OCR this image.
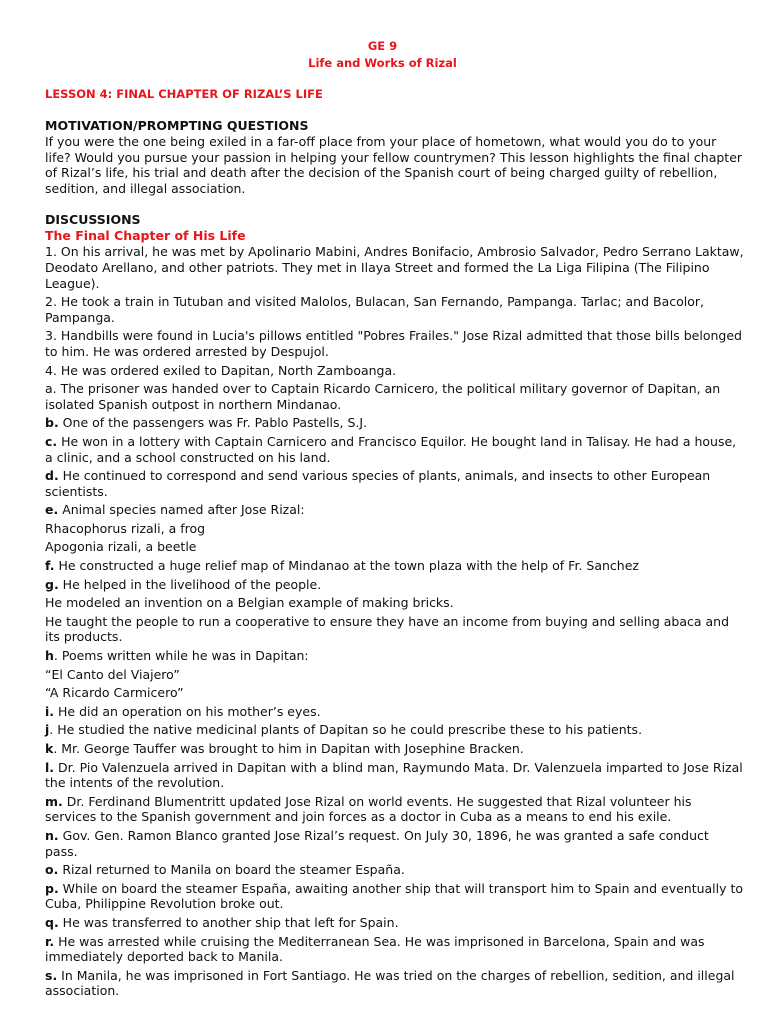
GE 9
Life and Works of Rizal
LESSON 4: FINAL CHAPTER OF RIZAL’S LIFE
MOTIVATION/PROMPTING QUESTIONS

If you were the one being exiled in a far-off place from your place of hometown, what would you do to your life? Would you pursue your passion in helping your fellow countrymen? This lesson highlights the final chapter of Rizal’s life, his trial and death after the decision of the Spanish court of being charged guilty of rebellion, sedition, and illegal association.

DISCUSSIONS
The Final Chapter of His Life

1. On his arrival, he was met by Apolinario Mabini, Andres Bonifacio, Ambrosio Salvador, Pedro Serrano Laktaw, Deodato Arellano, and other patriots. They met in Ilaya Street and formed the La Liga Filipina (The Filipino League).

2. He took a train in Tutuban and visited Malolos, Bulacan, San Fernando, Pampanga. Tarlac; and Bacolor, Pampanga.

3. Handbills were found in Lucia's pillows entitled "Pobres Frailes." Jose Rizal admitted that those bills belonged to him. He was ordered arrested by Despujol.

4. He was ordered exiled to Dapitan, North Zamboanga.

a. The prisoner was handed over to Captain Ricardo Carnicero, the political military governor of Dapitan, an isolated Spanish outpost in northern Mindanao.

b. One of the passengers was Fr. Pablo Pastells, S.J.

c. He won in a lottery with Captain Carnicero and Francisco Equilor. He bought land in Talisay. He had a house, a clinic, and a school constructed on his land.

d. He continued to correspond and send various species of plants, animals, and insects to other European scientists.

e. Animal species named after Jose Rizal:

Rhacophorus rizali, a frog

Apogonia rizali, a beetle

f. He constructed a huge relief map of Mindanao at the town plaza with the help of Fr. Sanchez

g. He helped in the livelihood of the people.

He modeled an invention on a Belgian example of making bricks.

He taught the people to run a cooperative to ensure they have an income from buying and selling abaca and its products.

h. Poems written while he was in Dapitan:

“El Canto del Viajero”

“A Ricardo Carmicero”

i. He did an operation on his mother’s eyes.

j. He studied the native medicinal plants of Dapitan so he could prescribe these to his patients.

k. Mr. George Tauffer was brought to him in Dapitan with Josephine Bracken.

l. Dr. Pio Valenzuela arrived in Dapitan with a blind man, Raymundo Mata. Dr. Valenzuela imparted to Jose Rizal the intents of the revolution.

m. Dr. Ferdinand Blumentritt updated Jose Rizal on world events. He suggested that Rizal volunteer his services to the Spanish government and join forces as a doctor in Cuba as a means to end his exile.

n. Gov. Gen. Ramon Blanco granted Jose Rizal’s request. On July 30, 1896, he was granted a safe conduct pass.

o. Rizal returned to Manila on board the steamer España.

p. While on board the steamer España, awaiting another ship that will transport him to Spain and eventually to Cuba, Philippine Revolution broke out.

q. He was transferred to another ship that left for Spain.

r. He was arrested while cruising the Mediterranean Sea. He was imprisoned in Barcelona, Spain and was immediately deported back to Manila.

s. In Manila, he was imprisoned in Fort Santiago. He was tried on the charges of rebellion, sedition, and illegal association.
